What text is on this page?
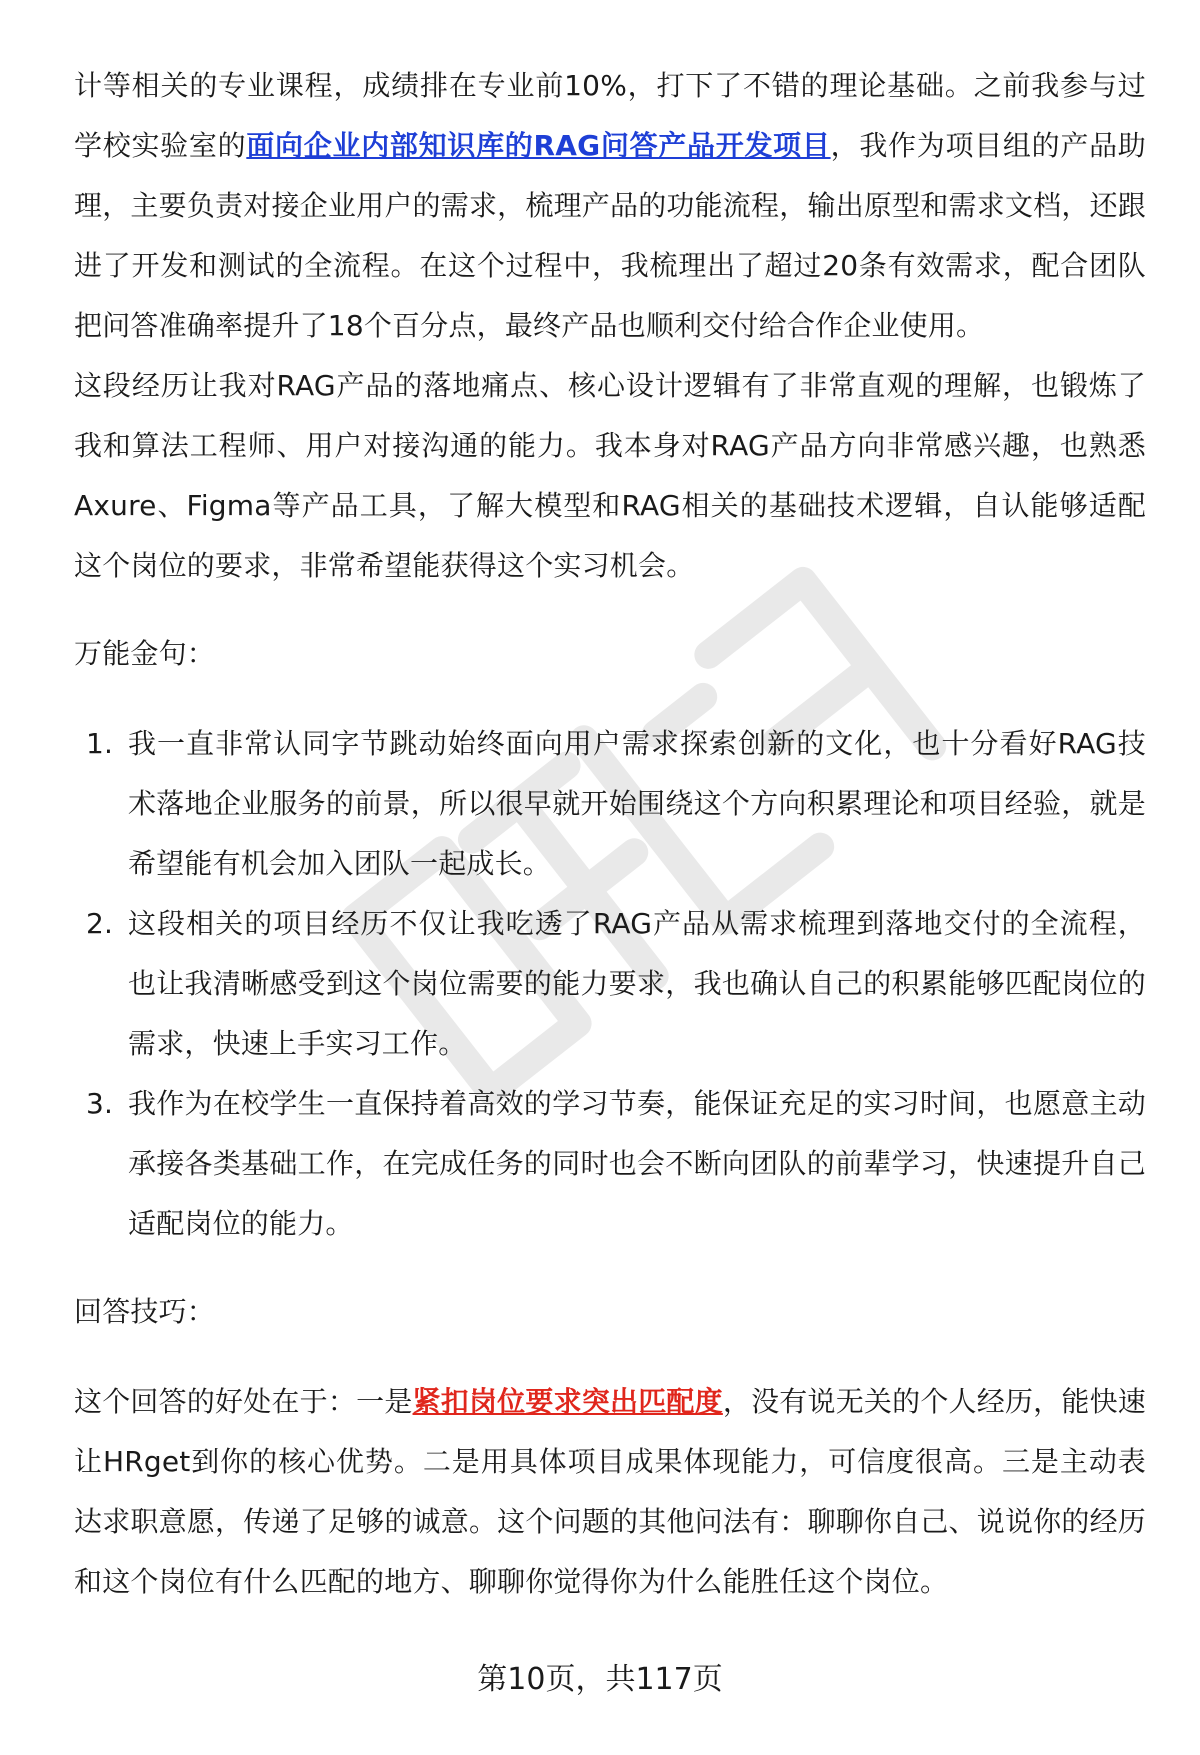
计等相关的专业课程，成绩排在专业前10%，打下了不错的理论基础。之前我参与过学校实验室的面向企业内部知识库的RAG问答产品开发项目，我作为项目组的产品助理，主要负责对接企业用户的需求，梳理产品的功能流程，输出原型和需求文档，还跟进了开发和测试的全流程。在这个过程中，我梳理出了超过20条有效需求，配合团队把问答准确率提升了18个百分点，最终产品也顺利交付给合作企业使用。

这段经历让我对RAG产品的落地痛点、核心设计逻辑有了非常直观的理解，也锻炼了我和算法工程师、用户对接沟通的能力。我本身对RAG产品方向非常感兴趣，也熟悉Axure、Figma等产品工具，了解大模型和RAG相关的基础技术逻辑，自认能够适配这个岗位的要求，非常希望能获得这个实习机会。

万能金句：

1. 我一直非常认同字节跳动始终面向用户需求探索创新的文化，也十分看好RAG技术落地企业服务的前景，所以很早就开始围绕这个方向积累理论和项目经验，就是希望能有机会加入团队一起成长。
2. 这段相关的项目经历不仅让我吃透了RAG产品从需求梳理到落地交付的全流程，也让我清晰感受到这个岗位需要的能力要求，我也确认自己的积累能够匹配岗位的需求，快速上手实习工作。
3. 我作为在校学生一直保持着高效的学习节奏，能保证充足的实习时间，也愿意主动承接各类基础工作，在完成任务的同时也会不断向团队的前辈学习，快速提升自己适配岗位的能力。

回答技巧：

这个回答的好处在于：一是紧扣岗位要求突出匹配度，没有说无关的个人经历，能快速让HRget到你的核心优势。二是用具体项目成果体现能力，可信度很高。三是主动表达求职意愿，传递了足够的诚意。这个问题的其他问法有：聊聊你自己、说说你的经历和这个岗位有什么匹配的地方、聊聊你觉得你为什么能胜任这个岗位。

第10页，共117页
